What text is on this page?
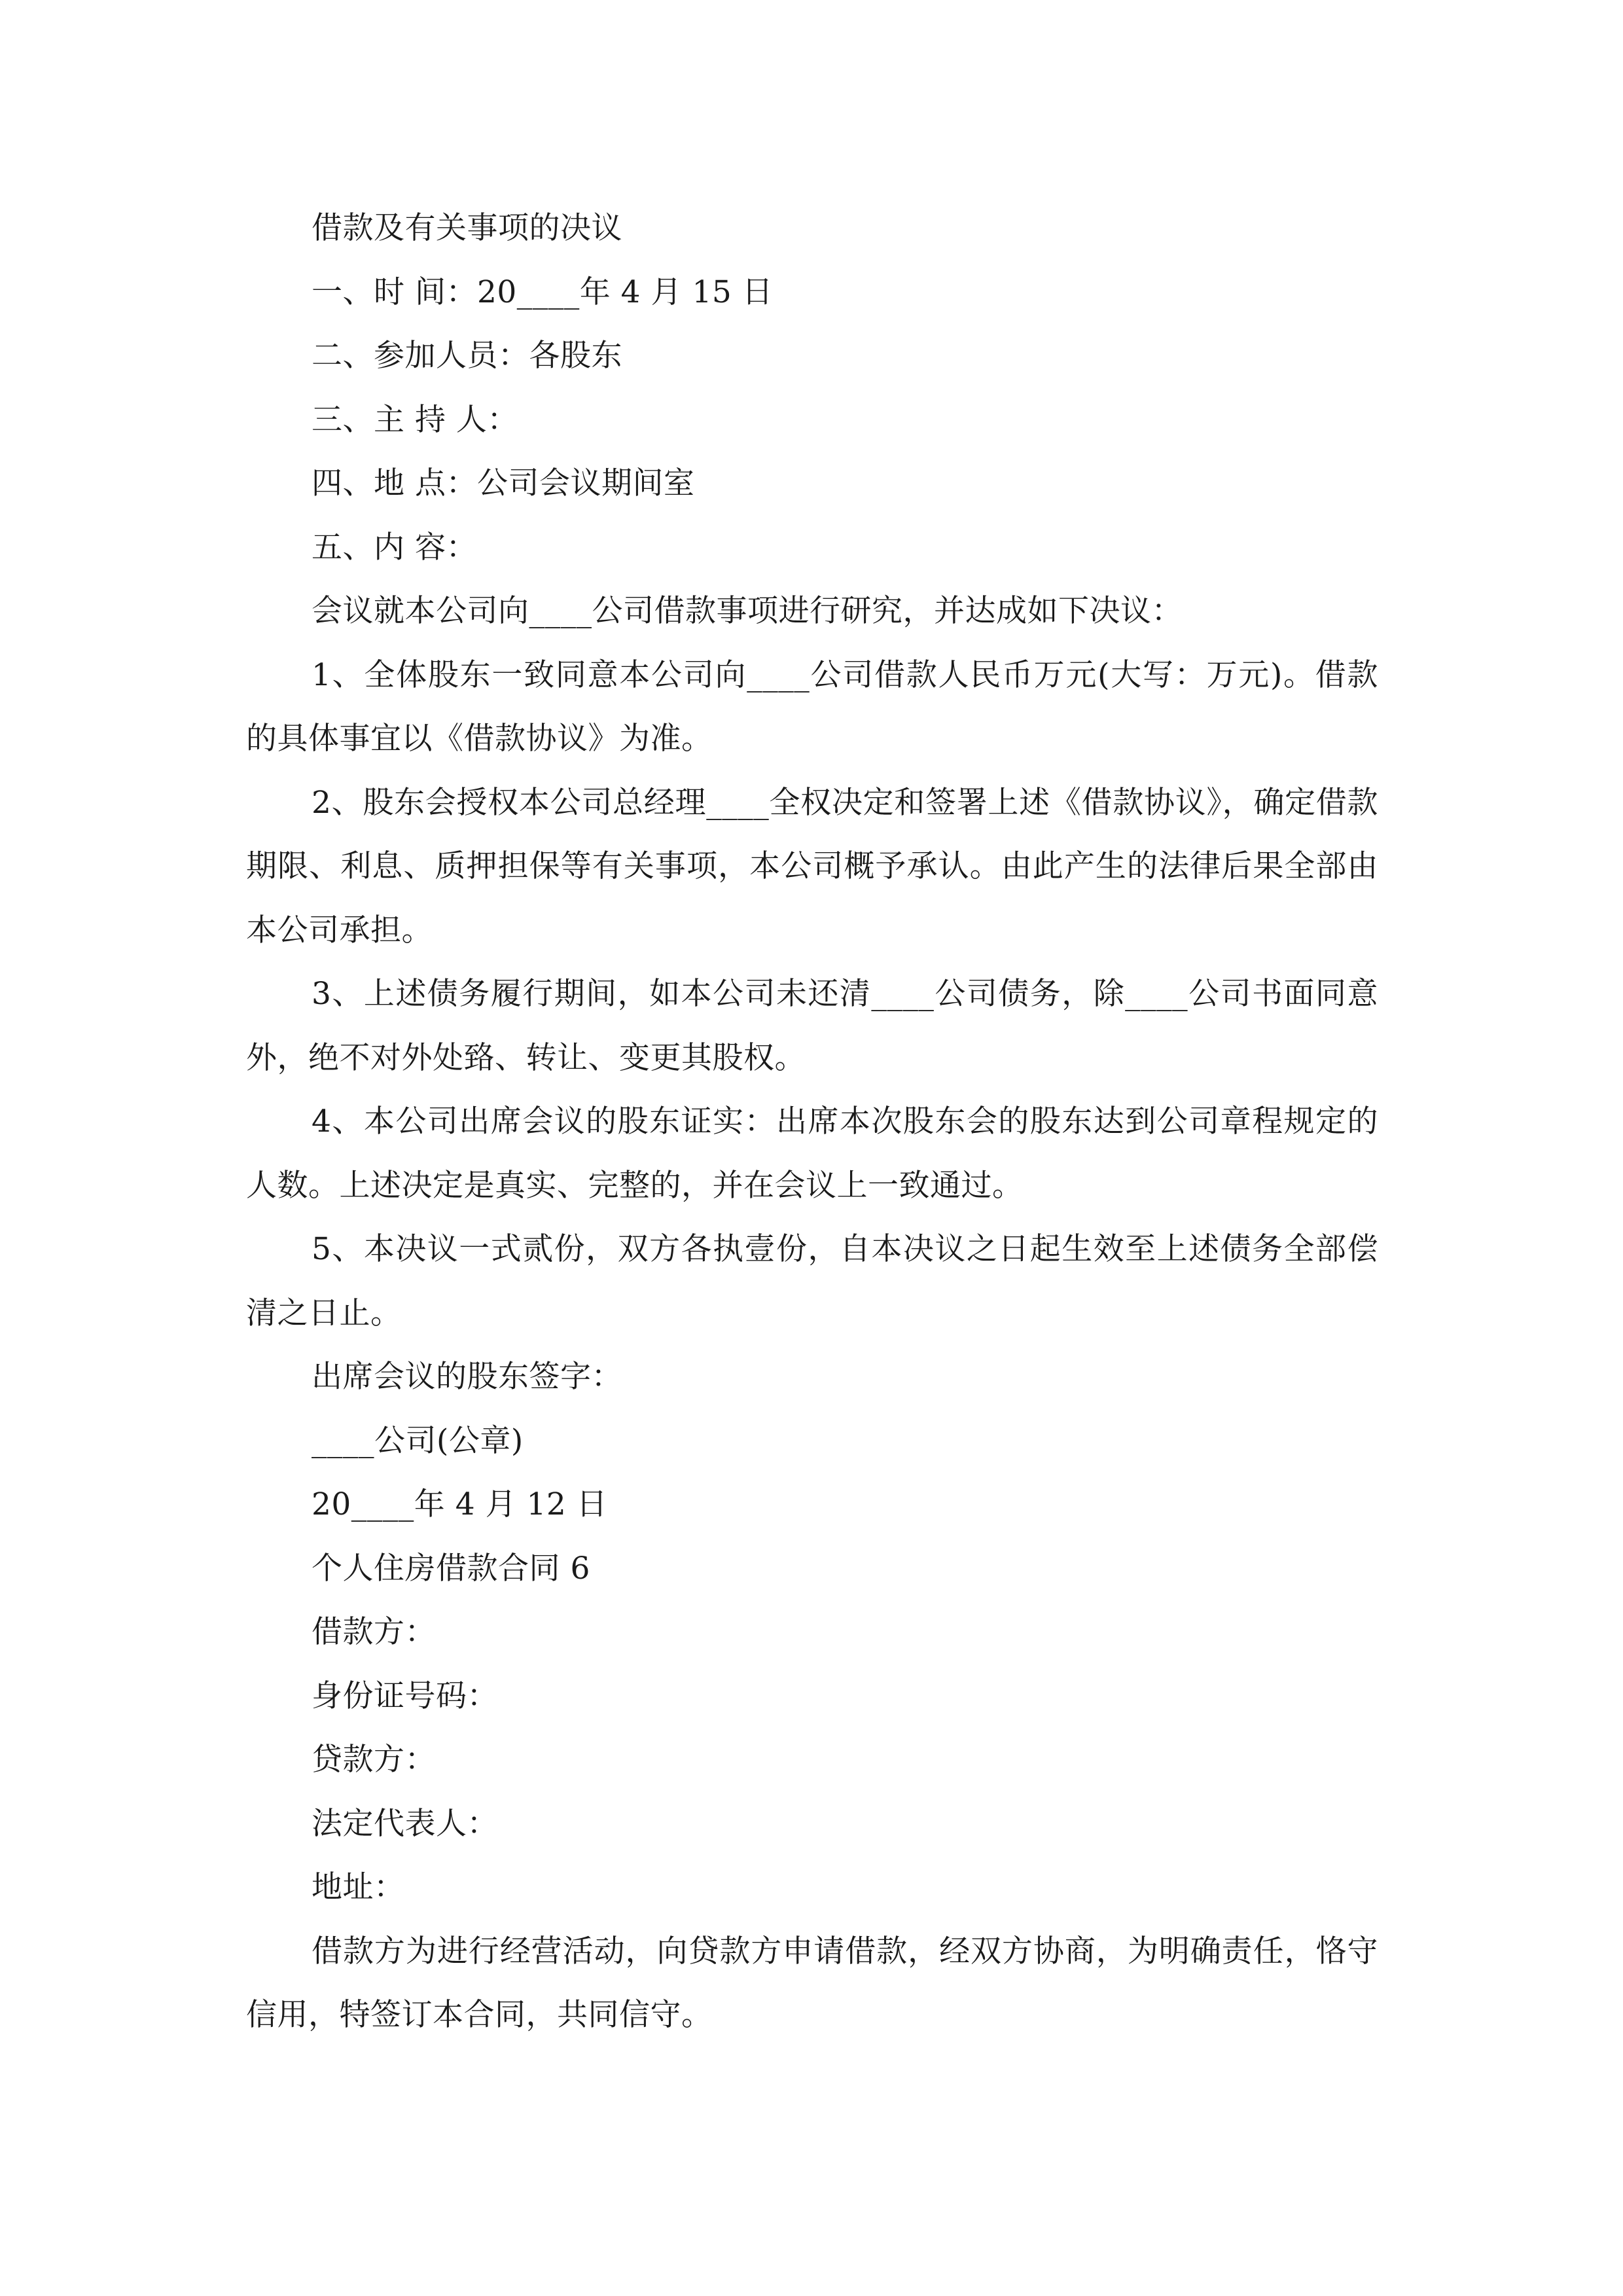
借款及有关事项的决议

一、时 间：20____年 4 月 15 日

二、参加人员：各股东

三、主 持 人：

四、地 点：公司会议期间室

五、内 容：

会议就本公司向____公司借款事项进行研究，并达成如下决议：

1、全体股东一致同意本公司向____公司借款人民币万元(大写：万元)。借款的具体事宜以《借款协议》为准。

2、股东会授权本公司总经理____全权决定和签署上述《借款协议》，确定借款期限、利息、质押担保等有关事项，本公司概予承认。由此产生的法律后果全部由本公司承担。

3、上述债务履行期间，如本公司未还清____公司债务，除____公司书面同意外，绝不对外处臵、转让、变更其股权。

4、本公司出席会议的股东证实：出席本次股东会的股东达到公司章程规定的人数。上述决定是真实、完整的，并在会议上一致通过。

5、本决议一式贰份，双方各执壹份，自本决议之日起生效至上述债务全部偿清之日止。

出席会议的股东签字：

____公司(公章)

20____年 4 月 12 日

个人住房借款合同 6

借款方：

身份证号码：

贷款方：

法定代表人：

地址：

借款方为进行经营活动，向贷款方申请借款，经双方协商，为明确责任，恪守信用，特签订本合同，共同信守。
